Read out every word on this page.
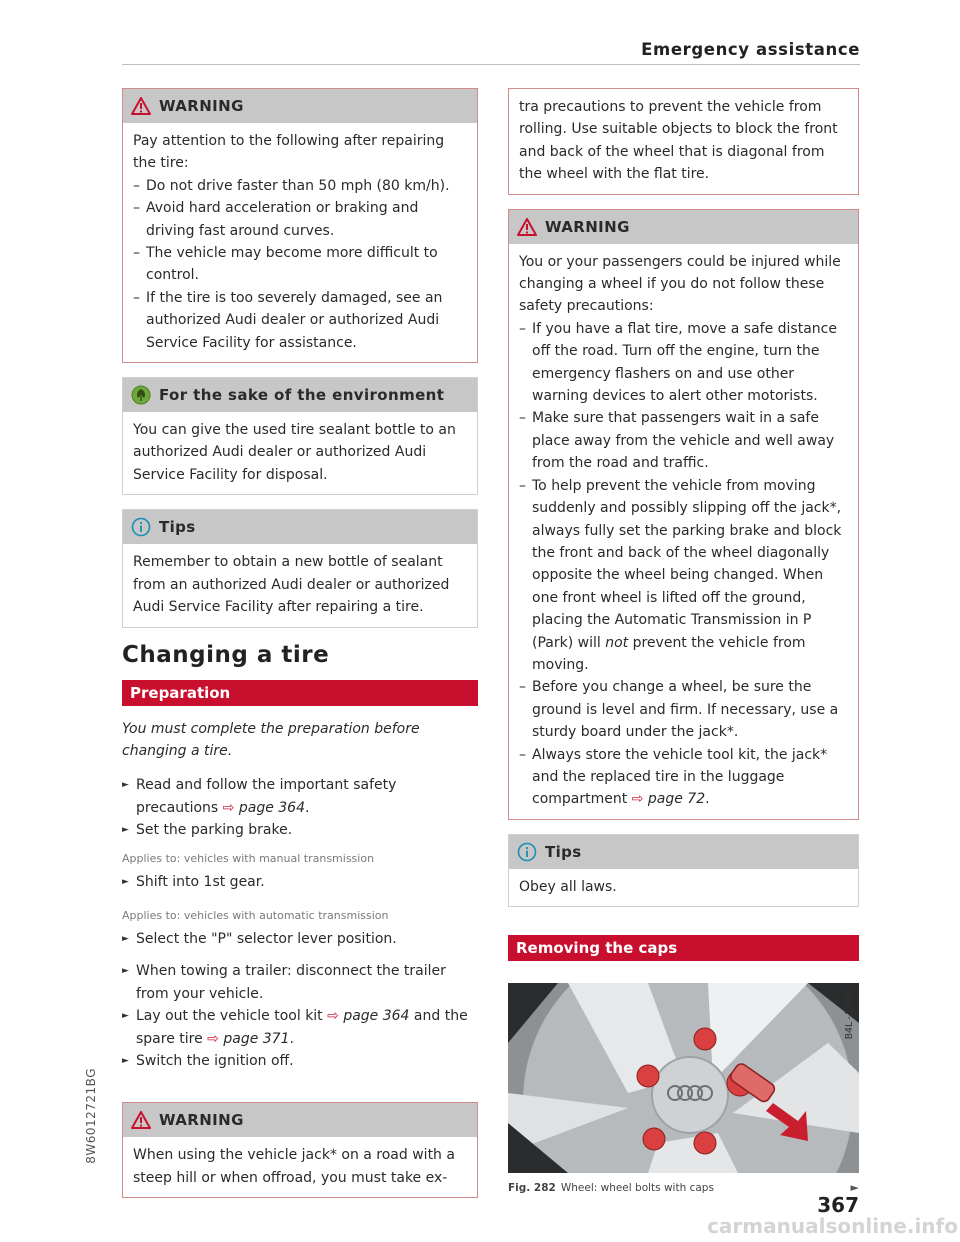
Emergency assistance
8W6012721BG
WARNING

Pay attention to the following after repairing the tire:

– Do not drive faster than 50 mph (80 km/h).
– Avoid hard acceleration or braking and driving fast around curves.
– The vehicle may become more difficult to control.
– If the tire is too severely damaged, see an authorized Audi dealer or authorized Audi Service Facility for assistance.
For the sake of the environment

You can give the used tire sealant bottle to an authorized Audi dealer or authorized Audi Service Facility for disposal.

Tips

Remember to obtain a new bottle of sealant from an authorized Audi dealer or authorized Audi Service Facility after repairing a tire.

Changing a tire
Preparation
You must complete the preparation before changing a tire.
► Read and follow the important safety precautions ⇨ page 364.
► Set the parking brake.
Applies to: vehicles with manual transmission
► Shift into 1st gear.
Applies to: vehicles with automatic transmission
► Select the "P" selector lever position.
► When towing a trailer: disconnect the trailer from your vehicle.
► Lay out the vehicle tool kit ⇨ page 364 and the spare tire ⇨ page 371.
► Switch the ignition off.
WARNING

When using the vehicle jack* on a road with a steep hill or when offroad, you must take ex-

tra precautions to prevent the vehicle from rolling. Use suitable objects to block the front and back of the wheel that is diagonal from the wheel with the flat tire.

WARNING

You or your passengers could be injured while changing a wheel if you do not follow these safety precautions:

– If you have a flat tire, move a safe distance off the road. Turn off the engine, turn the emergency flashers on and use other warning devices to alert other motorists.
– Make sure that passengers wait in a safe place away from the vehicle and well away from the road and traffic.
– To help prevent the vehicle from moving suddenly and possibly slipping off the jack*, always fully set the parking brake and block the front and back of the wheel diagonally opposite the wheel being changed. When one front wheel is lifted off the ground, placing the Automatic Transmission in P (Park) will not prevent the vehicle from moving.
– Before you change a wheel, be sure the ground is level and firm. If necessary, use a sturdy board under the jack*.
– Always store the vehicle tool kit, the jack* and the replaced tire in the luggage compartment ⇨ page 72.
Tips

Obey all laws.

Removing the caps
B4L-1337
Fig. 282 Wheel: wheel bolts with caps	►
367
carmanualsonline.info
